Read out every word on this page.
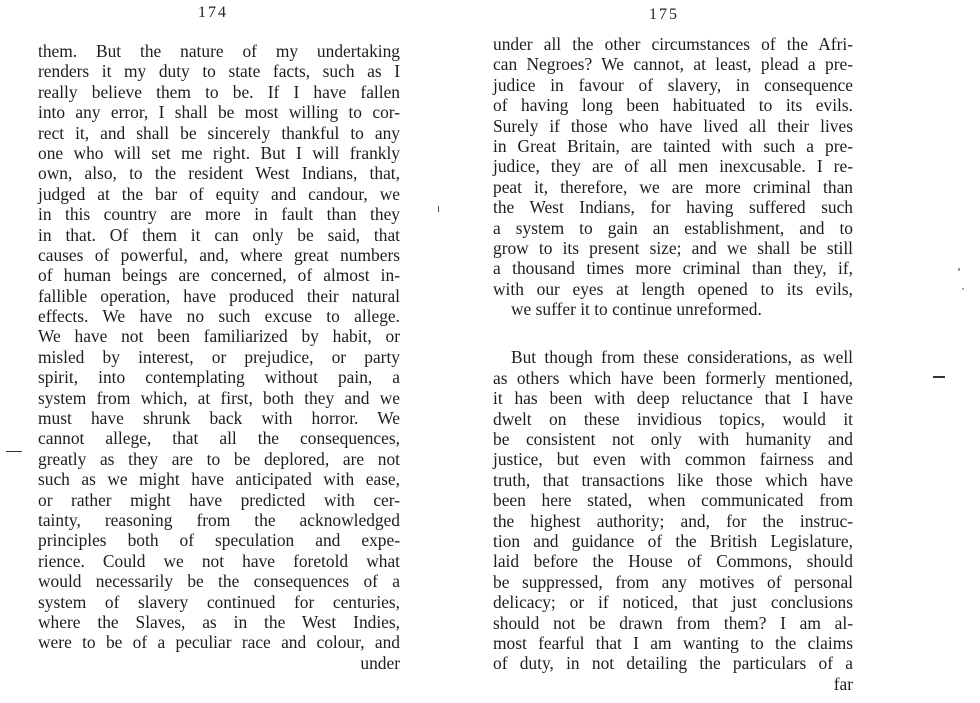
174
them. But the nature of my undertaking
renders it my duty to state facts, such as I
really believe them to be. If I have fallen
into any error, I shall be most willing to cor-
rect it, and shall be sincerely thankful to any
one who will set me right. But I will frankly
own, also, to the resident West Indians, that,
judged at the bar of equity and candour, we
in this country are more in fault than they
in that. Of them it can only be said, that
causes of powerful, and, where great numbers
of human beings are concerned, of almost in-
fallible operation, have produced their natural
effects. We have no such excuse to allege.
We have not been familiarized by habit, or
misled by interest, or prejudice, or party
spirit, into contemplating without pain, a
system from which, at first, both they and we
must have shrunk back with horror. We
cannot allege, that all the consequences,
greatly as they are to be deplored, are not
such as we might have anticipated with ease,
or rather might have predicted with cer-
tainty, reasoning from the acknowledged
principles both of speculation and expe-
rience. Could we not have foretold what
would necessarily be the consequences of a
system of slavery continued for centuries,
where the Slaves, as in the West Indies,
were to be of a peculiar race and colour, and
under
175
under all the other circumstances of the Afri-
can Negroes? We cannot, at least, plead a pre-
judice in favour of slavery, in consequence
of having long been habituated to its evils.
Surely if those who have lived all their lives
in Great Britain, are tainted with such a pre-
judice, they are of all men inexcusable. I re-
peat it, therefore, we are more criminal than
the West Indians, for having suffered such
a system to gain an establishment, and to
grow to its present size; and we shall be still
a thousand times more criminal than they, if,
with our eyes at length opened to its evils,
we suffer it to continue unreformed.
But though from these considerations, as well
as others which have been formerly mentioned,
it has been with deep reluctance that I have
dwelt on these invidious topics, would it
be consistent not only with humanity and
justice, but even with common fairness and
truth, that transactions like those which have
been here stated, when communicated from
the highest authority; and, for the instruc-
tion and guidance of the British Legislature,
laid before the House of Commons, should
be suppressed, from any motives of personal
delicacy; or if noticed, that just conclusions
should not be drawn from them? I am al-
most fearful that I am wanting to the claims
of duty, in not detailing the particulars of a
far
